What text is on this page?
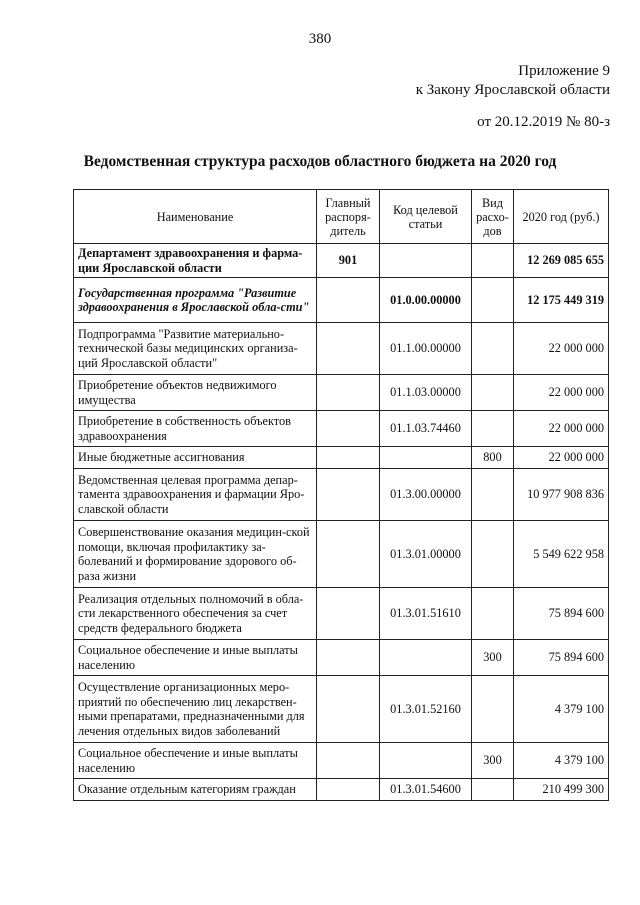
380
Приложение 9
к Закону Ярославской области
от 20.12.2019 № 80-з
Ведомственная структура расходов областного бюджета на 2020 год
Наименование	Главный распоря-дитель	Код целевой статьи	Вид расхо-дов	2020 год (руб.)
Департамент здравоохранения и фарма-ции Ярославской области	901			12 269 085 655
Государственная программа "Развитие здравоохранения в Ярославской обла-сти"		01.0.00.00000		12 175 449 319
Подпрограмма "Развитие материально-технической базы медицинских организа-ций Ярославской области"		01.1.00.00000		22 000 000
Приобретение объектов недвижимого имущества		01.1.03.00000		22 000 000
Приобретение в собственность объектов здравоохранения		01.1.03.74460		22 000 000
Иные бюджетные ассигнования			800	22 000 000
Ведомственная целевая программа депар-тамента здравоохранения и фармации Яро-славской области		01.3.00.00000		10 977 908 836
Совершенствование оказания медицин-ской помощи, включая профилактику за-болеваний и формирование здорового об-раза жизни		01.3.01.00000		5 549 622 958
Реализация отдельных полномочий в обла-сти лекарственного обеспечения за счет средств федерального бюджета		01.3.01.51610		75 894 600
Социальное обеспечение и иные выплаты населению			300	75 894 600
Осуществление организационных меро-приятий по обеспечению лиц лекарствен-ными препаратами, предназначенными для лечения отдельных видов заболеваний		01.3.01.52160		4 379 100
Социальное обеспечение и иные выплаты населению			300	4 379 100
Оказание отдельным категориям граждан		01.3.01.54600		210 499 300
